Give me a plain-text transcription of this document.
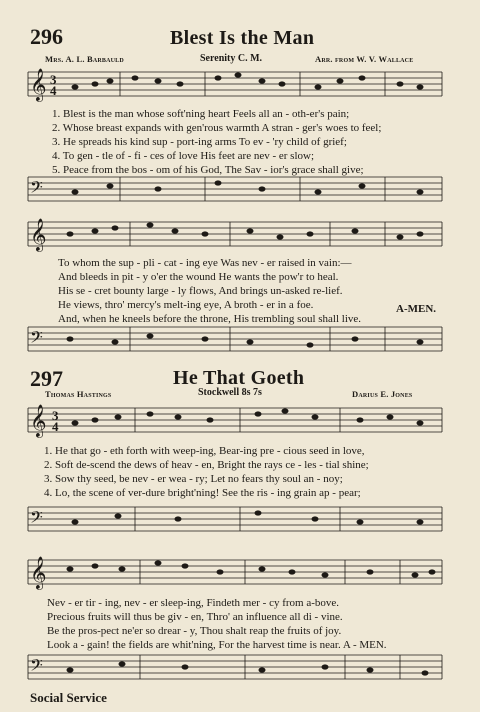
296	Blest Is the Man
Mrs. A. L. Barbauld	Serenity C. M.	Arr. from W. V. Wallace
𝄞 3
4
1. Blest is the man whose soft'ning heart Feels all an - oth-er's pain;
2. Whose breast expands with gen'rous warmth A stran - ger's woes to feel;
3. He spreads his kind sup - port-ing arms To ev - 'ry child of grief;
4. To gen - tle of - fi - ces of love His feet are nev - er slow;
5. Peace from the bos - om of his God, The Sav - ior's grace shall give;
𝄢
𝄞
To whom the sup - pli - cat - ing eye Was nev - er raised in vain:—
And bleeds in pit - y o'er the wound He wants the pow'r to heal.
His se - cret bounty large - ly flows, And brings un-asked re-lief.
He views, thro' mercy's melt-ing eye, A broth - er in a foe.
And, when he kneels before the throne, His trembling soul shall live.
A-MEN.
𝄢
297	He That Goeth
Thomas Hastings	Stockwell 8s 7s	Darius E. Jones
𝄞 3
4
1. He that go - eth forth with weep-ing, Bear-ing pre - cious seed in love,
2. Soft de-scend the dews of heav - en, Bright the rays ce - les - tial shine;
3. Sow thy seed, be nev - er wea - ry; Let no fears thy soul an - noy;
4. Lo, the scene of ver-dure bright'ning! See the ris - ing grain ap - pear;
𝄢
𝄞
Nev - er tir - ing, nev - er sleep-ing, Findeth mer - cy from a-bove.
Precious fruits will thus be giv - en, Thro' an influence all di - vine.
Be the pros-pect ne'er so drear - y, Thou shalt reap the fruits of joy.
Look a - gain! the fields are whit'ning, For the harvest time is near. A - MEN.
𝄢
Social Service
